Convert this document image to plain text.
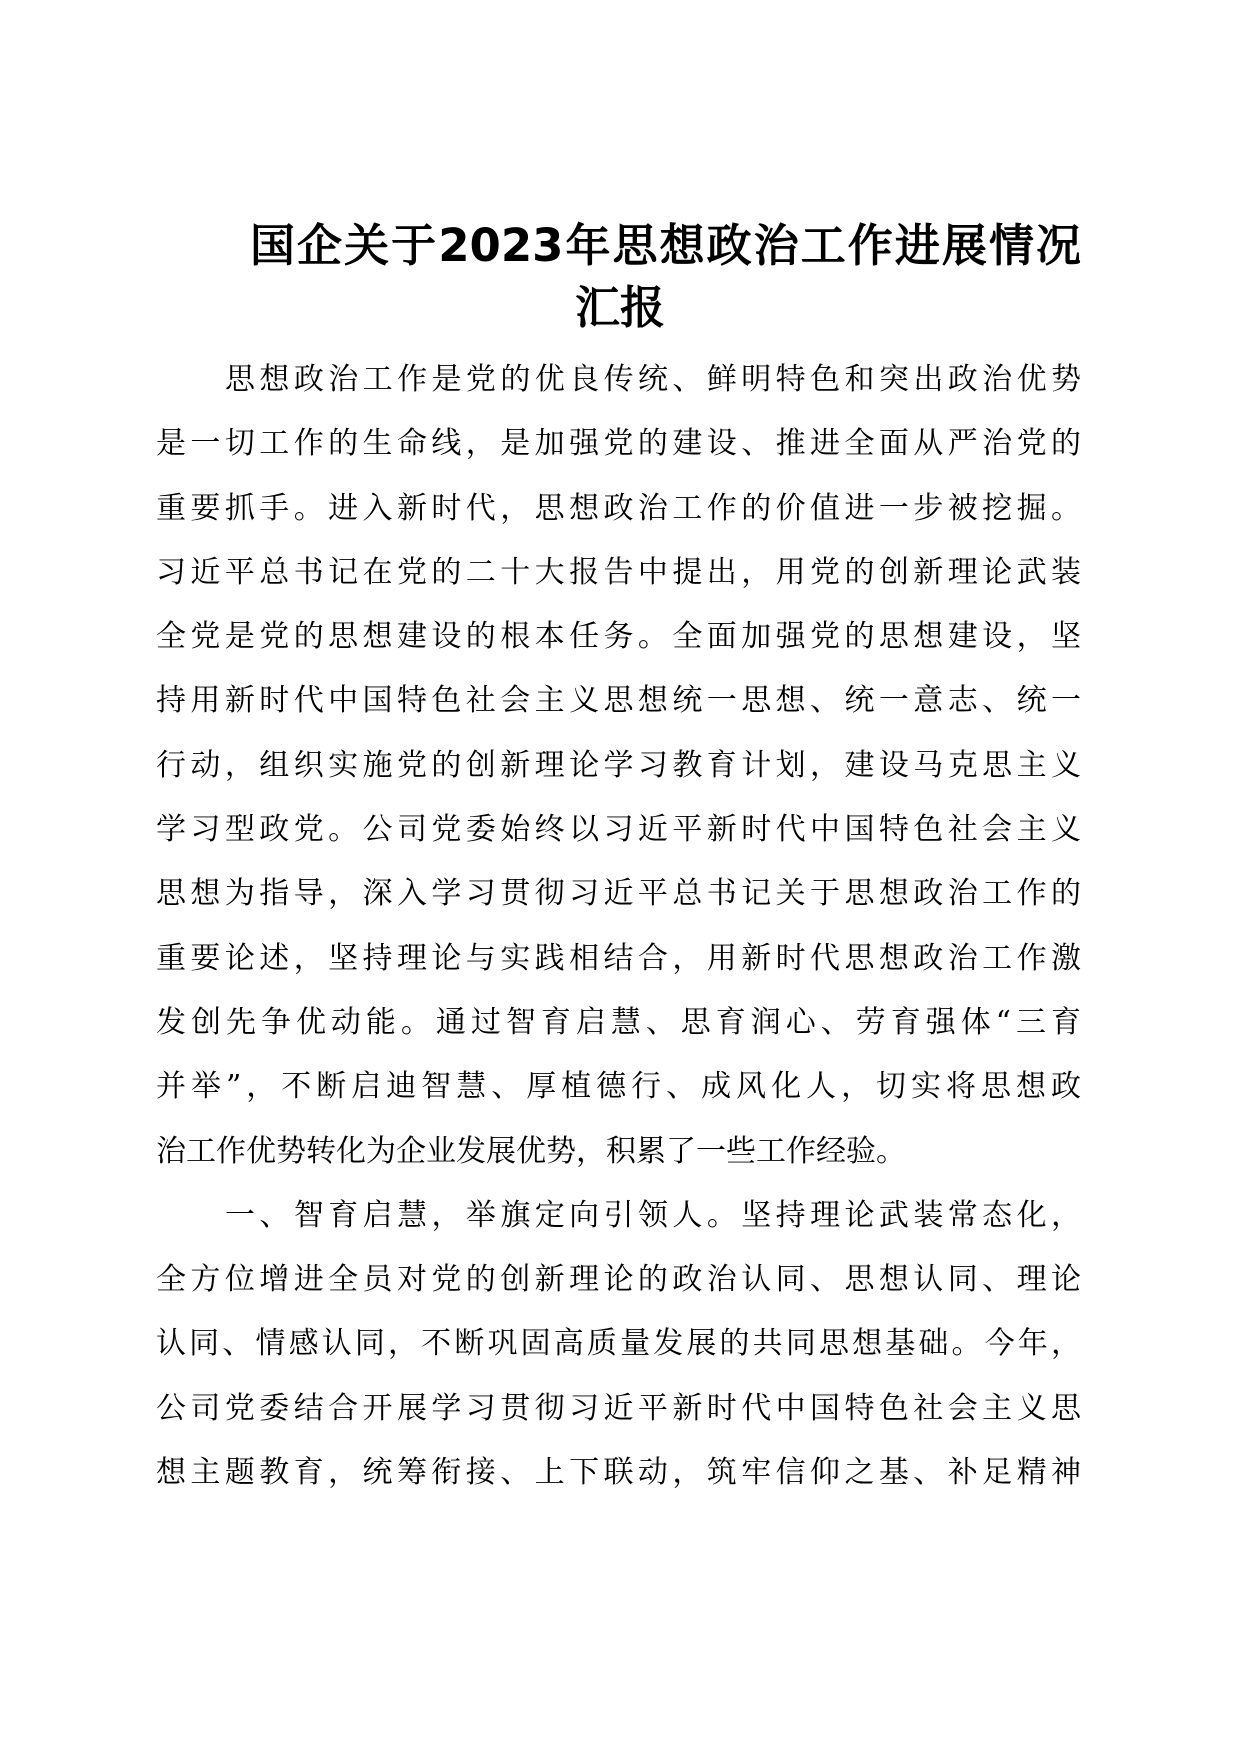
国企关于2023年思想政治工作进展情况
汇报
思想政治工作是党的优良传统、鲜明特色和突出政治优势
是一切工作的生命线，是加强党的建设、推进全面从严治党的
重要抓手。进入新时代，思想政治工作的价值进一步被挖掘。
习近平总书记在党的二十大报告中提出，用党的创新理论武装
全党是党的思想建设的根本任务。全面加强党的思想建设，坚
持用新时代中国特色社会主义思想统一思想、统一意志、统一
行动，组织实施党的创新理论学习教育计划，建设马克思主义
学习型政党。公司党委始终以习近平新时代中国特色社会主义
思想为指导，深入学习贯彻习近平总书记关于思想政治工作的
重要论述，坚持理论与实践相结合，用新时代思想政治工作激
发创先争优动能。通过智育启慧、思育润心、劳育强体“三育
并举”，不断启迪智慧、厚植德行、成风化人，切实将思想政
治工作优势转化为企业发展优势，积累了一些工作经验。
一、智育启慧，举旗定向引领人。坚持理论武装常态化，
全方位增进全员对党的创新理论的政治认同、思想认同、理论
认同、情感认同，不断巩固高质量发展的共同思想基础。今年，
公司党委结合开展学习贯彻习近平新时代中国特色社会主义思
想主题教育，统筹衔接、上下联动，筑牢信仰之基、补足精神
